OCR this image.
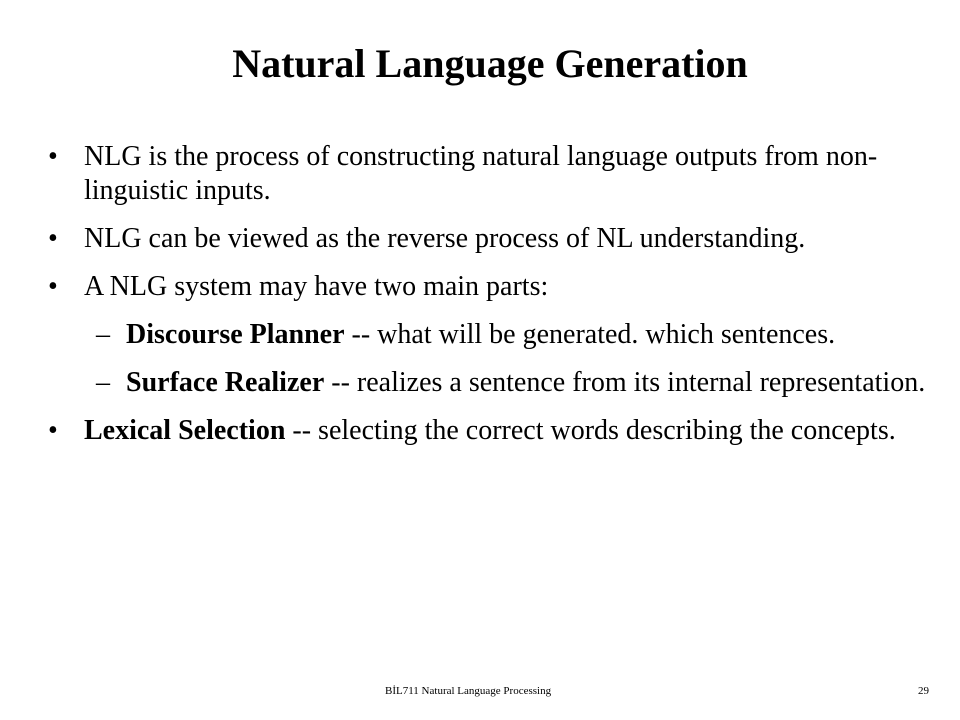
Natural Language Generation
• NLG is the process of constructing natural language outputs from non-linguistic inputs.
• NLG can be viewed as the reverse process of NL understanding.
• A NLG system may have two main parts:
– Discourse Planner -- what will be generated. which sentences.
– Surface Realizer -- realizes a sentence from its internal representation.
• Lexical Selection -- selecting the correct words describing the concepts.
BİL711 Natural Language Processing	29
